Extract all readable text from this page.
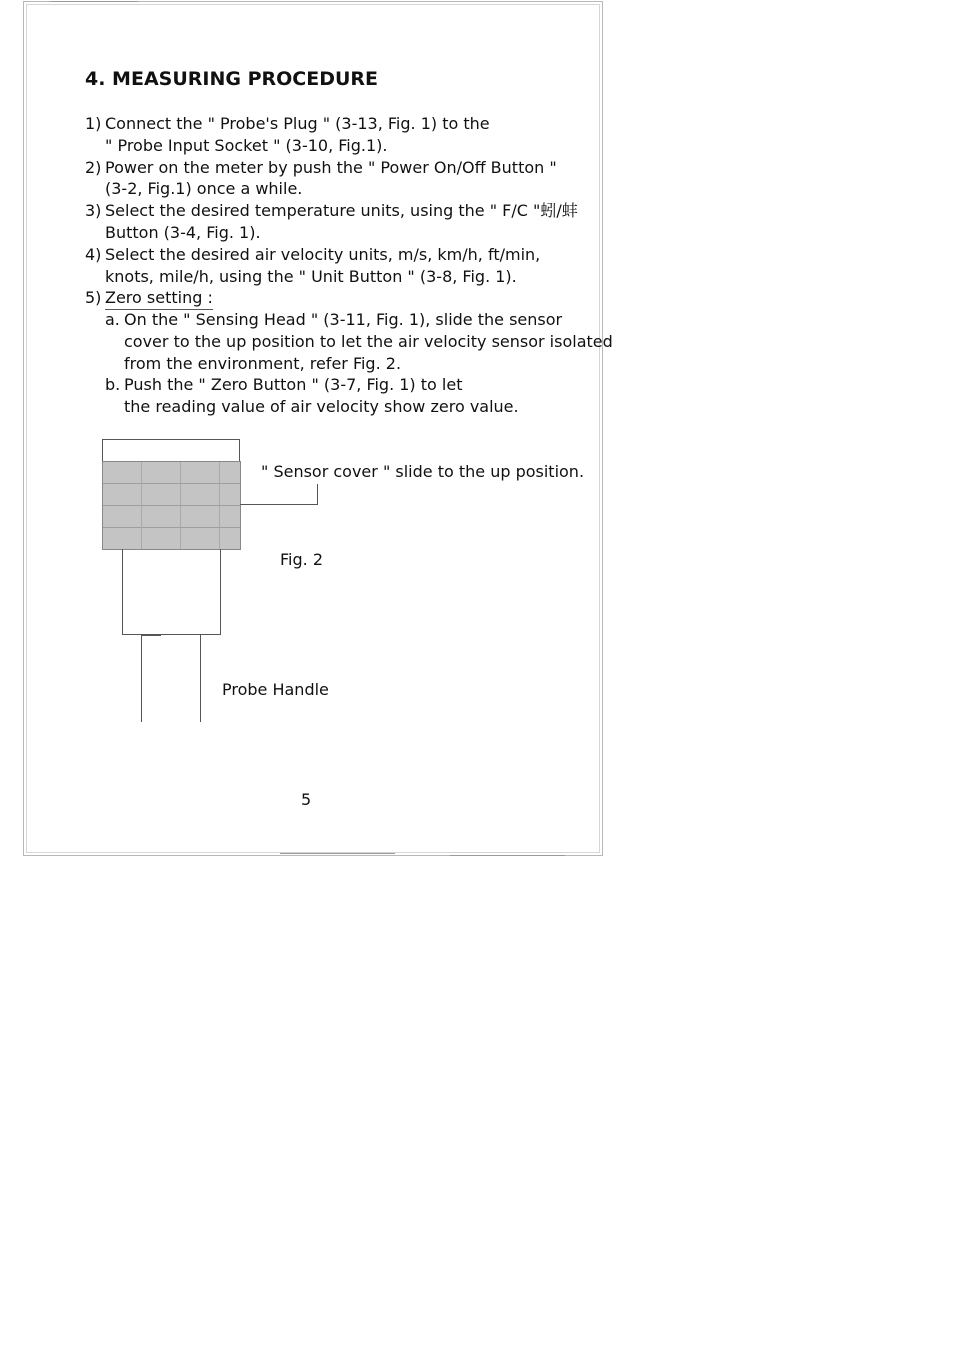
4. MEASURING PROCEDURE
1) Connect the " Probe's Plug " (3-13, Fig. 1) to the
" Probe Input Socket " (3-10, Fig.1).
2) Power on the meter by push the " Power On/Off Button "
(3-2, Fig.1) once a while.
3) Select the desired temperature units, using the " F/C "蚓/蚌
Button (3-4, Fig. 1).
4) Select the desired air velocity units, m/s, km/h, ft/min,
knots, mile/h, using the " Unit Button " (3-8, Fig. 1).
5) Zero setting :
a. On the " Sensing Head " (3-11, Fig. 1), slide the sensor
cover to the up position to let the air velocity sensor isolated
from the environment, refer Fig. 2.
b. Push the " Zero Button " (3-7, Fig. 1) to let
the reading value of air velocity show zero value.
" Sensor cover " slide to the up position.
Fig. 2
Probe Handle
5
